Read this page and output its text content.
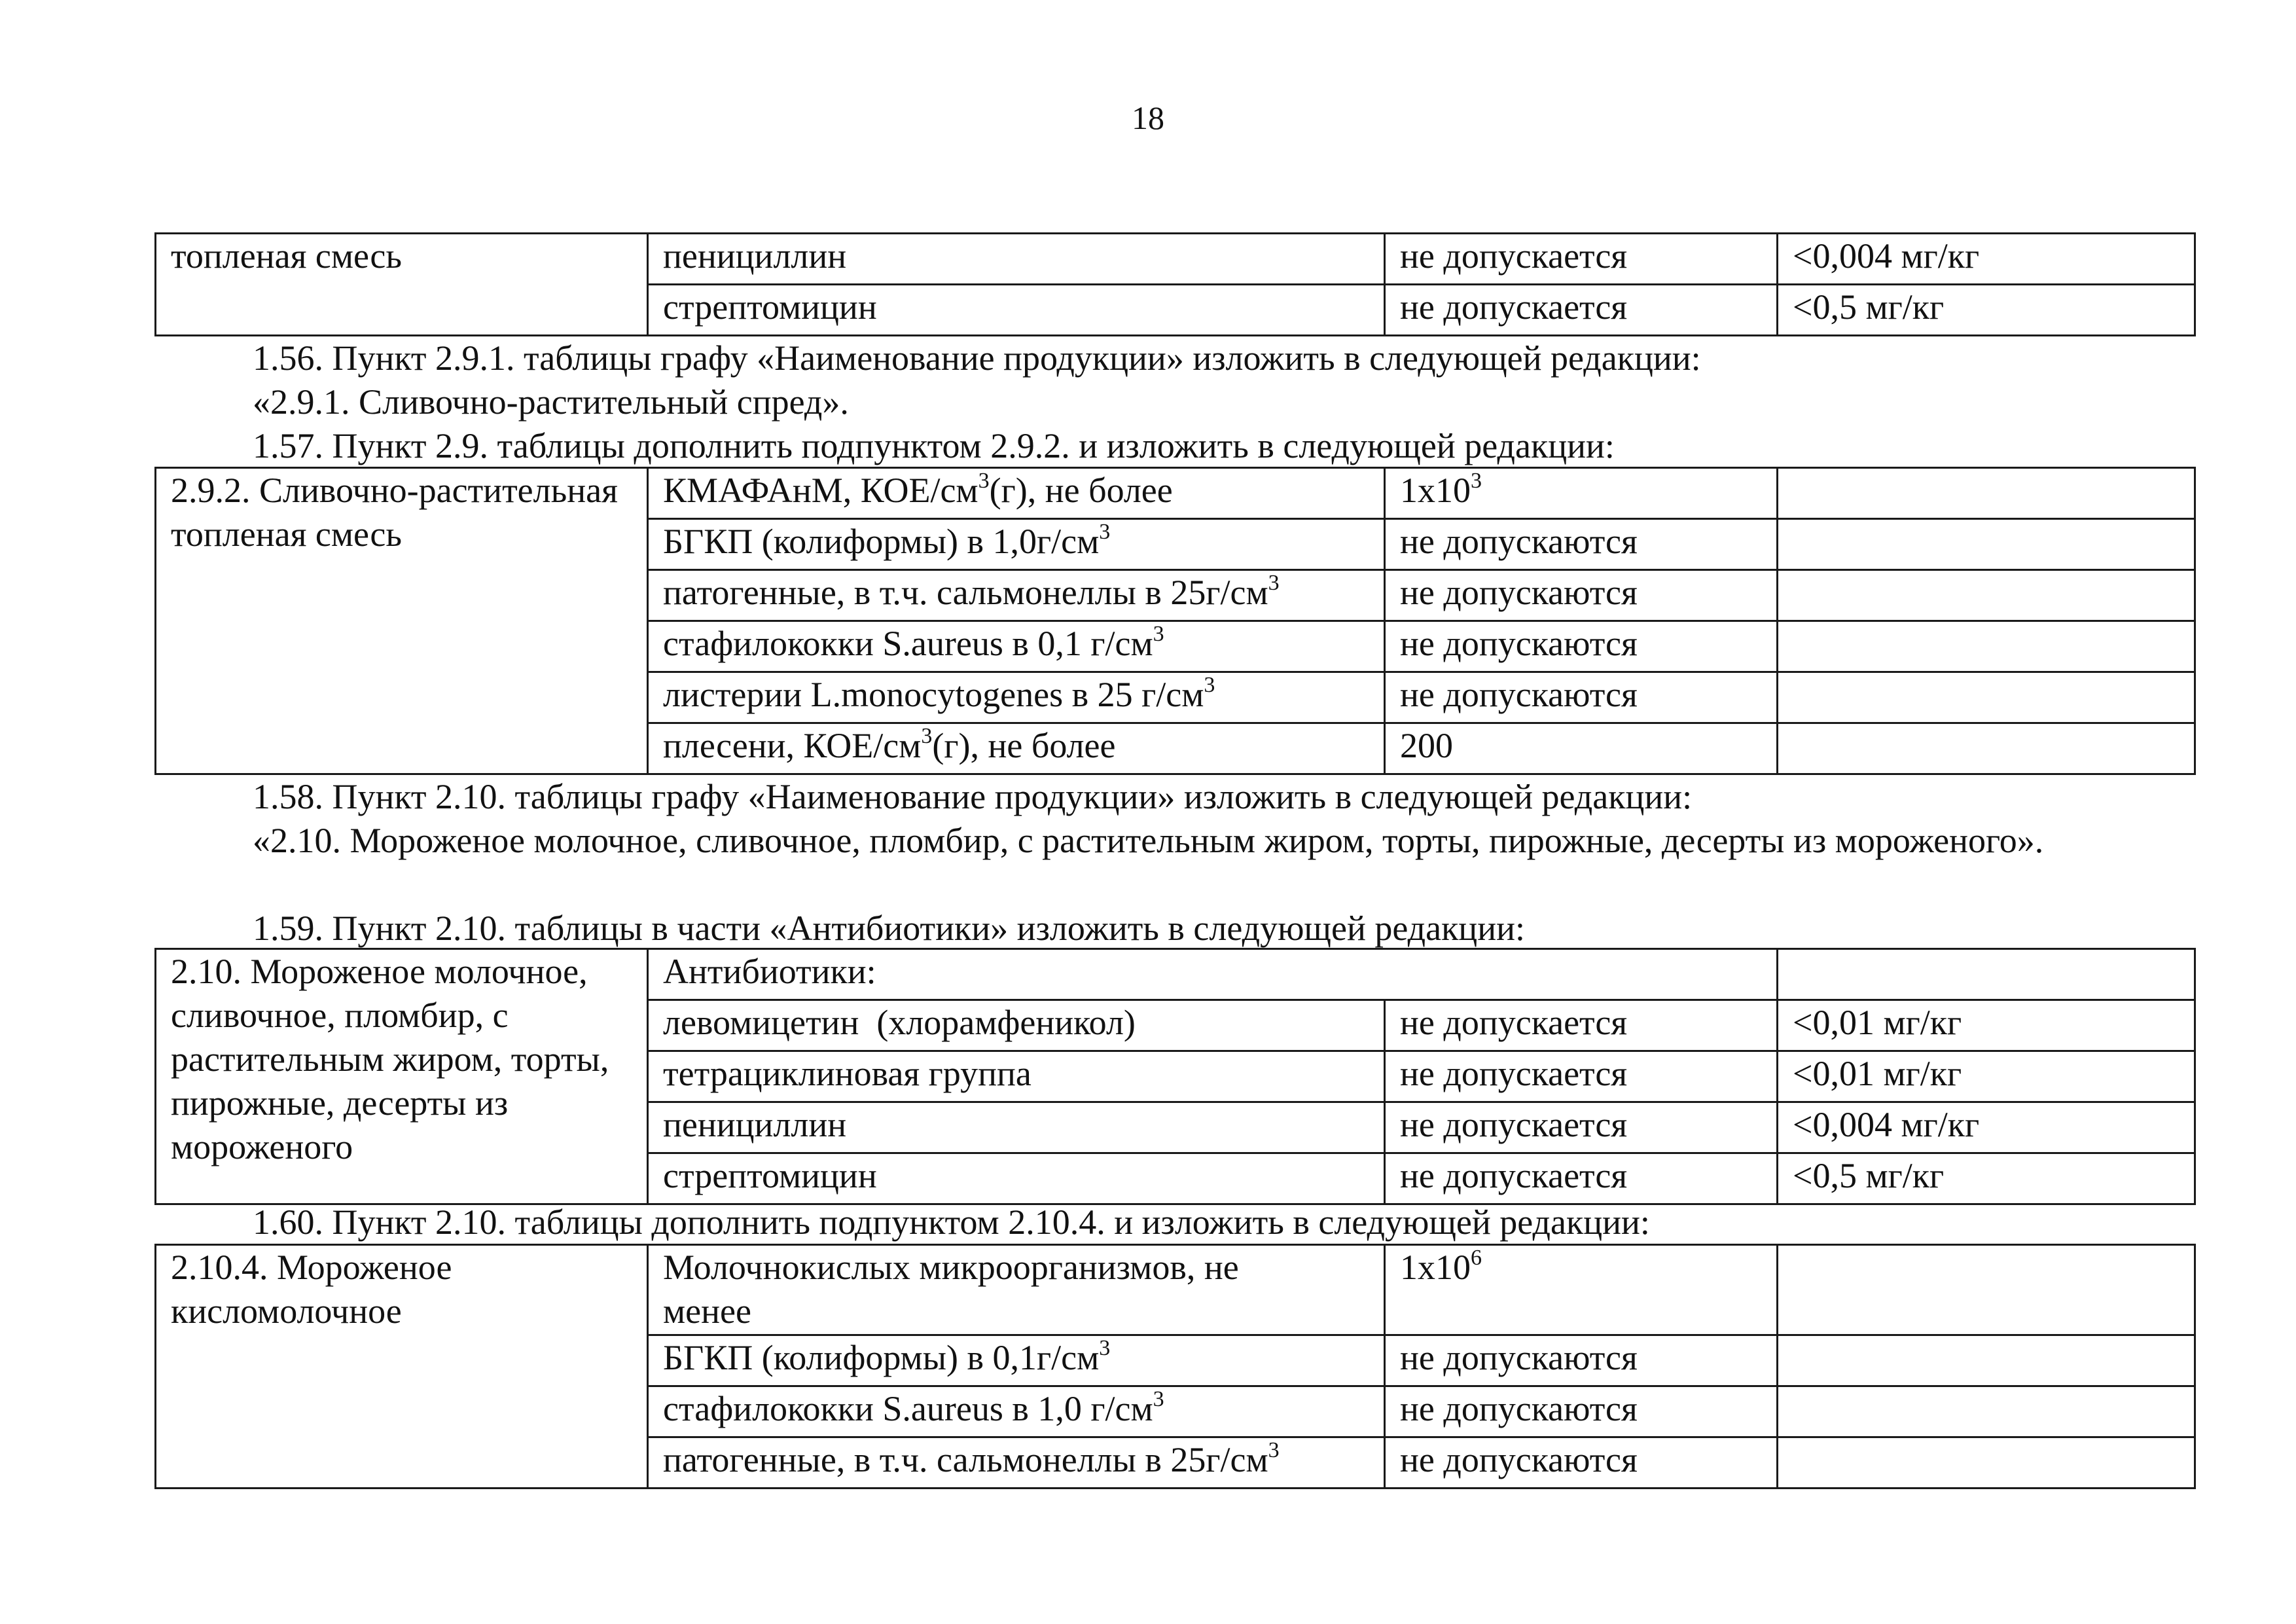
18
топленая смесь	пенициллин	не допускается	<0,004 мг/кг
	стрептомицин	не допускается	<0,5 мг/кг
1.56. Пункт 2.9.1. таблицы графу «Наименование продукции» изложить в следующей редакции:
«2.9.1. Сливочно-растительный спред».
1.57. Пункт 2.9. таблицы дополнить подпунктом 2.9.2. и изложить в следующей редакции:
2.9.2. Сливочно-растительная топленая смесь	КМАФАнМ, КОЕ/$см^3(г)$, не более	$1х10^3$	
	БГКП (колиформы) в $1,0г/см^3$	не допускаются	
	патогенные, в т.ч. сальмонеллы в $25г/см^3$	не допускаются	
	стафилококки S.aureus в 0,1 $г/см^3$	не допускаются	
	листерии L.monocytogenes в 25 $г/см^3$	не допускаются	
	плесени, КОЕ/$см^3(г)$, не более	200	
1.58. Пункт 2.10. таблицы графу «Наименование продукции» изложить в следующей редакции:
«2.10. Мороженое молочное, сливочное, пломбир, с растительным жиром, торты, пирожные, десерты из мороженого».
1.59. Пункт 2.10. таблицы в части «Антибиотики» изложить в следующей редакции:
2.10. Мороженое молочное, сливочное, пломбир, с растительным жиром, торты, пирожные, десерты из мороженого	Антибиотики:		
	левомицетин  (хлорамфеникол)	не допускается	<0,01 мг/кг
	тетрациклиновая группа	не допускается	<0,01 мг/кг
	пенициллин	не допускается	<0,004 мг/кг
	стрептомицин	не допускается	<0,5 мг/кг
1.60. Пункт 2.10. таблицы дополнить подпунктом 2.10.4. и изложить в следующей редакции:
2.10.4. Мороженое кисломолочное	Молочнокислых микроорганизмов, не менее	$1х10^6$	
	БГКП (колиформы) в $0,1г/см^3$	не допускаются	
	стафилококки S.aureus в 1,0 $г/см^3$	не допускаются	
	патогенные, в т.ч. сальмонеллы в $25г/см^3$	не допускаются	
